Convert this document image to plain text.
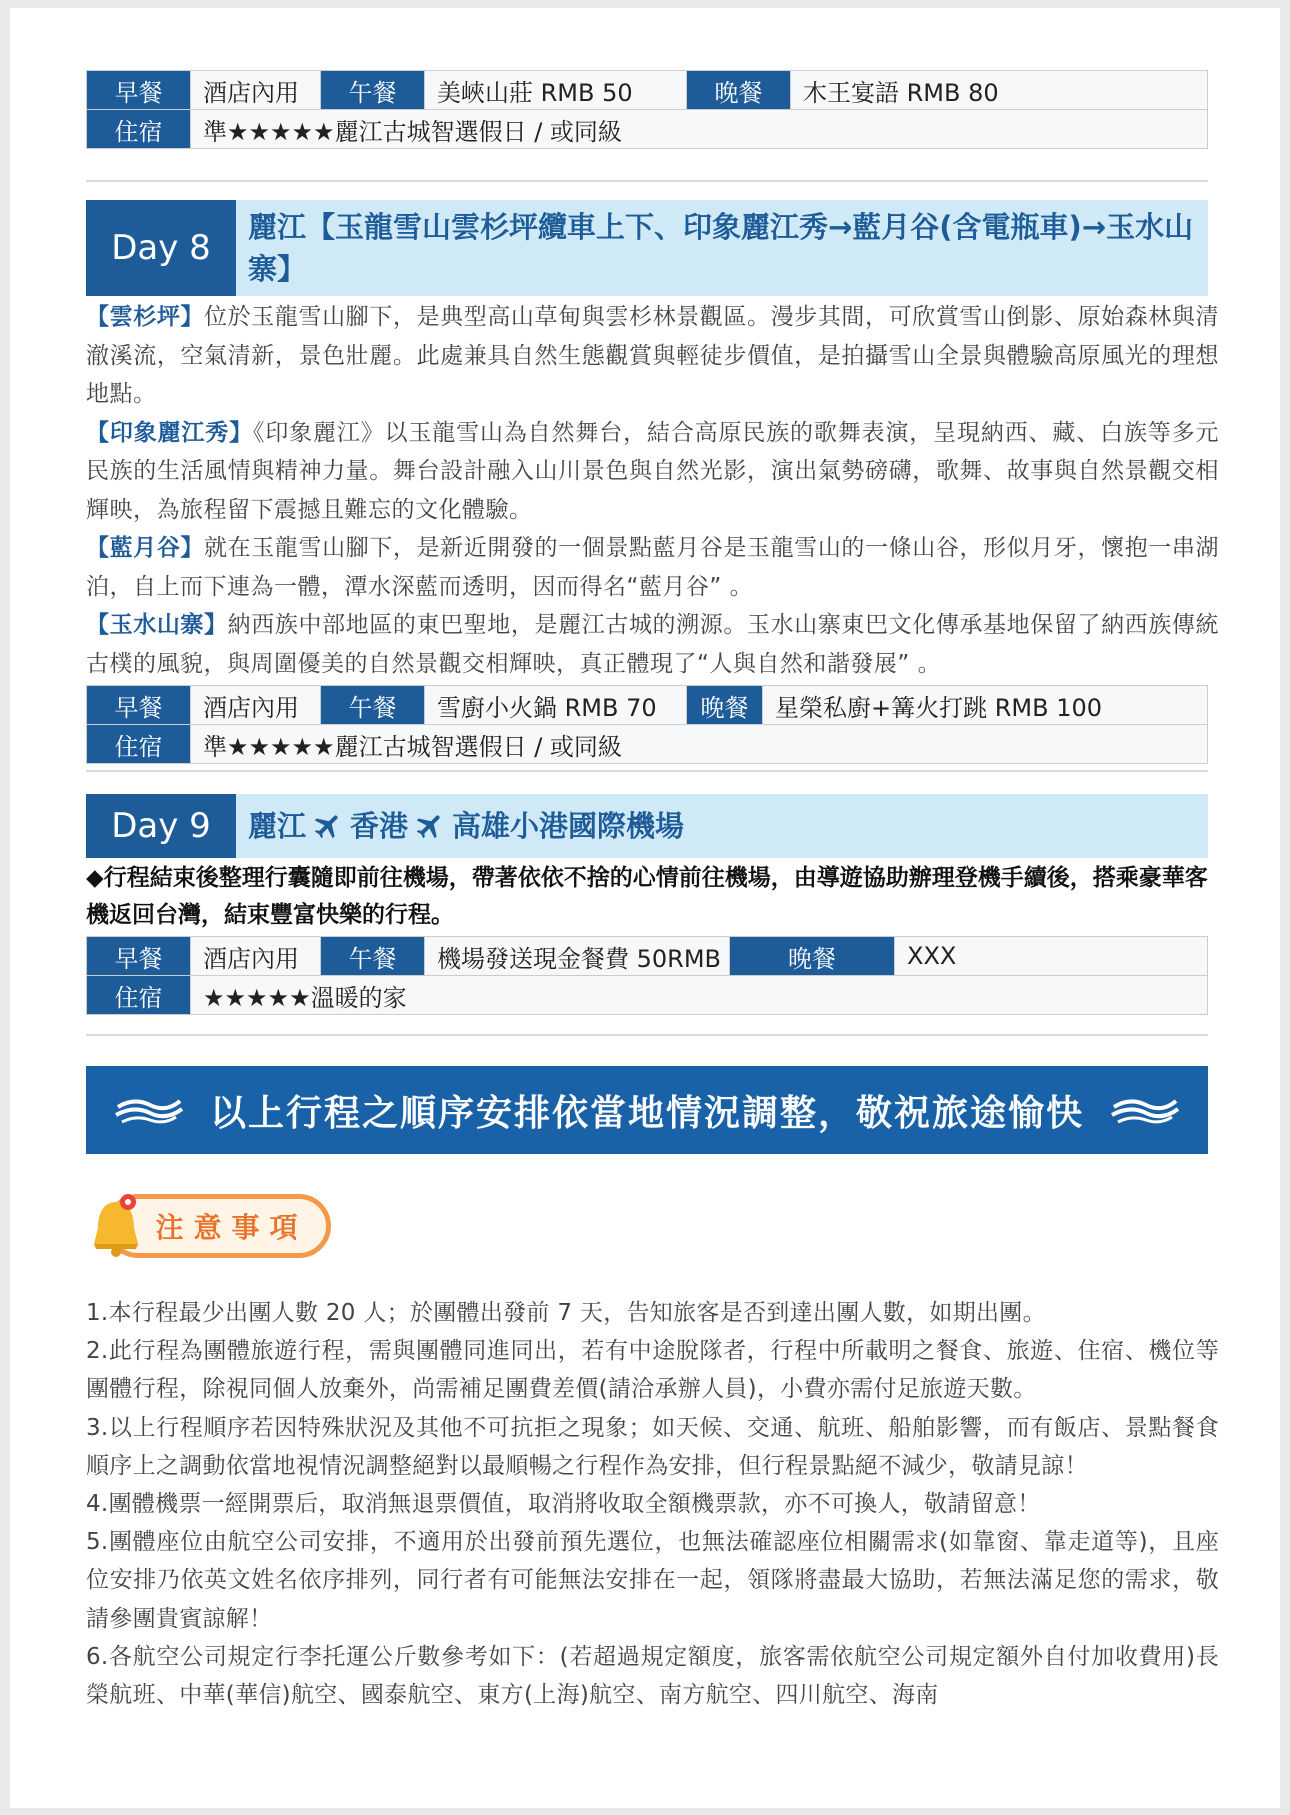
早餐	酒店內用	午餐	美峽山莊 RMB 50	晚餐	木王宴語 RMB 80
住宿	準★★★★★麗江古城智選假日 / 或同級				
Day 8
麗江【玉龍雪山雲杉坪纜車上下、印象麗江秀→藍月谷(含電瓶車)→玉水山寨】
【雲杉坪】位於玉龍雪山腳下，是典型高山草甸與雲杉林景觀區。漫步其間，可欣賞雪山倒影、原始森林與清澈溪流，空氣清新，景色壯麗。此處兼具自然生態觀賞與輕徒步價值，是拍攝雪山全景與體驗高原風光的理想地點。
【印象麗江秀】《印象麗江》以玉龍雪山為自然舞台，結合高原民族的歌舞表演，呈現納西、藏、白族等多元民族的生活風情與精神力量。舞台設計融入山川景色與自然光影，演出氣勢磅礴，歌舞、故事與自然景觀交相輝映，為旅程留下震撼且難忘的文化體驗。
【藍月谷】就在玉龍雪山腳下，是新近開發的一個景點藍月谷是玉龍雪山的一條山谷，形似月牙，懷抱一串湖泊，自上而下連為一體，潭水深藍而透明，因而得名“藍月谷” 。
【玉水山寨】納西族中部地區的東巴聖地，是麗江古城的溯源。玉水山寨東巴文化傳承基地保留了納西族傳統古樸的風貌，與周圍優美的自然景觀交相輝映，真正體現了“人與自然和諧發展” 。
早餐	酒店內用	午餐	雪廚小火鍋 RMB 70	晚餐	星榮私廚+篝火打跳 RMB 100
住宿	準★★★★★麗江古城智選假日 / 或同級				
Day 9	麗江 香港 高雄小港國際機場
◆行程結束後整理行囊隨即前往機場，帶著依依不捨的心情前往機場，由導遊協助辦理登機手續後，搭乘豪華客機返回台灣，結束豐富快樂的行程。
早餐	酒店內用	午餐	機場發送現金餐費 50RMB	晚餐	XXX
住宿	★★★★★溫暖的家				
以上行程之順序安排依當地情況調整，敬祝旅途愉快
注意事項

1.本行程最少出團人數 20 人；於團體出發前 7 天，告知旅客是否到達出團人數，如期出團。

2.此行程為團體旅遊行程，需與團體同進同出，若有中途脫隊者，行程中所載明之餐食、旅遊、住宿、機位等團體行程，除視同個人放棄外，尚需補足團費差價(請洽承辦人員)，小費亦需付足旅遊天數。

3.以上行程順序若因特殊狀況及其他不可抗拒之現象；如天候、交通、航班、船舶影響，而有飯店、景點餐食順序上之調動依當地視情況調整絕對以最順暢之行程作為安排，但行程景點絕不減少，敬請見諒！

4.團體機票一經開票后，取消無退票價值，取消將收取全額機票款，亦不可換人，敬請留意！

5.團體座位由航空公司安排，不適用於出發前預先選位，也無法確認座位相關需求(如靠窗、靠走道等)，且座位安排乃依英文姓名依序排列，同行者有可能無法安排在一起，領隊將盡最大協助，若無法滿足您的需求，敬請參團貴賓諒解！

6.各航空公司規定行李托運公斤數參考如下：(若超過規定額度，旅客需依航空公司規定額外自付加收費用)長榮航班、中華(華信)航空、國泰航空、東方(上海)航空、南方航空、四川航空、海南
